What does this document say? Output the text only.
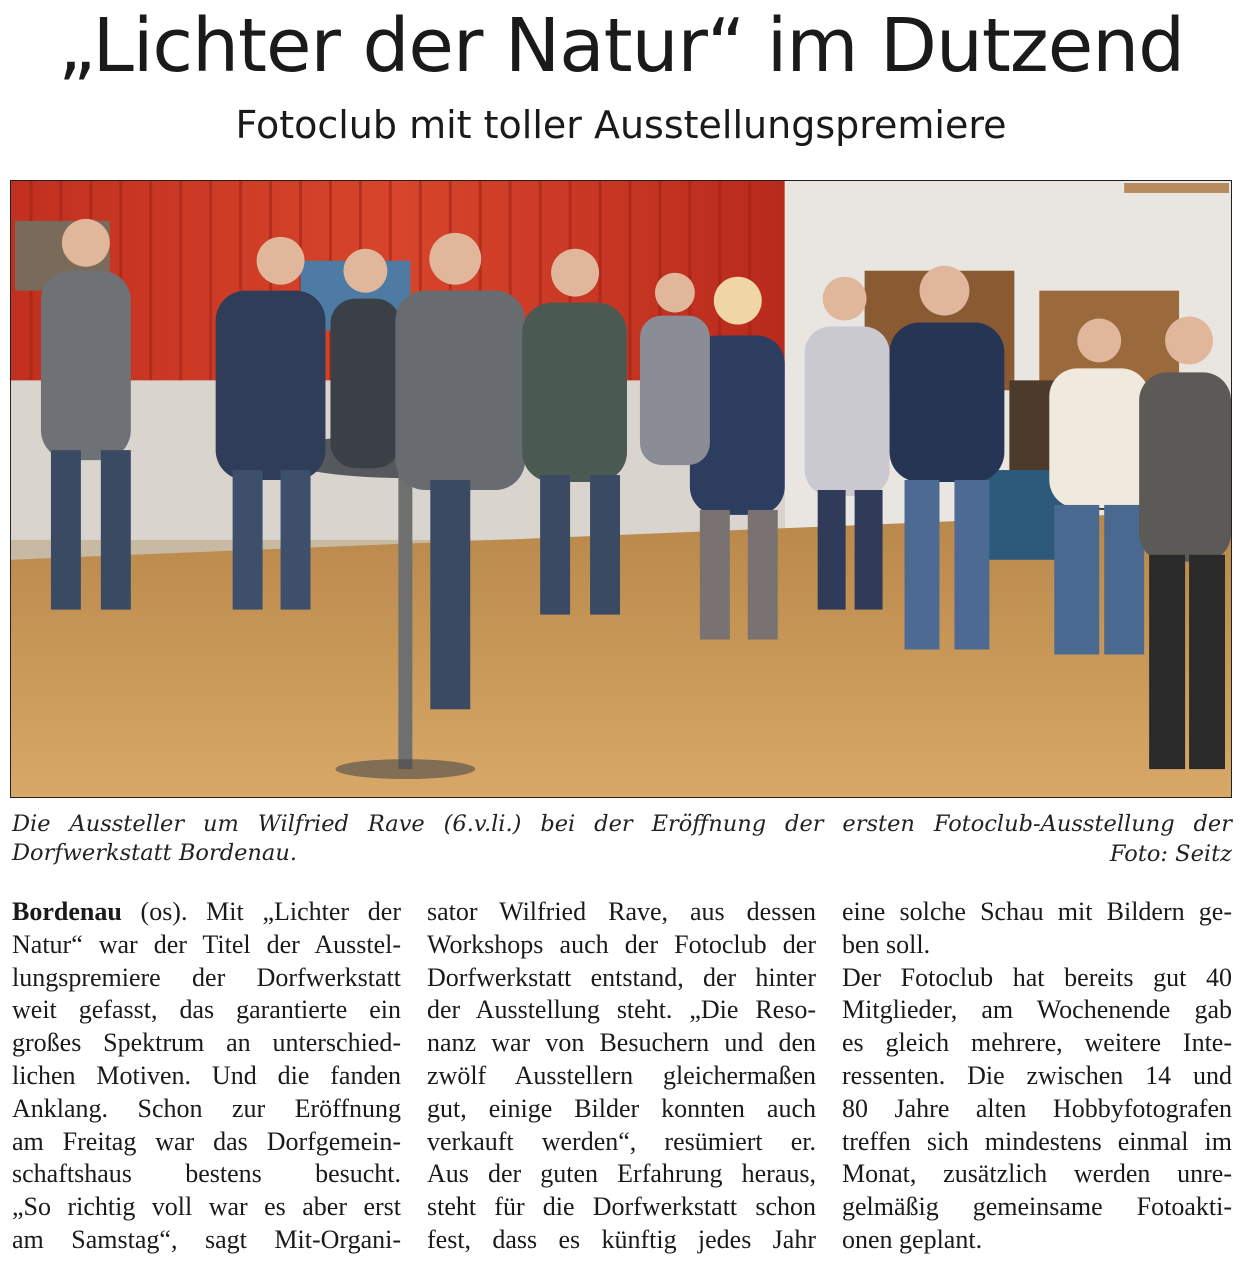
„Lichter der Natur“ im Dutzend
Fotoclub mit toller Ausstellungspremiere

Die Aussteller um Wilfried Rave (6.v.li.) bei der Eröffnung der ersten Fotoclub-Ausstellung der Dorfwerkstatt Bordenau.	Foto: Seitz
Bordenau (os). Mit „Lichter der
Natur“ war der Titel der Ausstel-
lungspremiere der Dorfwerkstatt
weit gefasst, das garantierte ein
großes Spektrum an unterschied-
lichen Motiven. Und die fanden
Anklang. Schon zur Eröffnung
am Freitag war das Dorfgemein-
schaftshaus bestens besucht.
„So richtig voll war es aber erst
am Samstag“, sagt Mit-Organi-
sator Wilfried Rave, aus dessen
Workshops auch der Fotoclub der
Dorfwerkstatt entstand, der hinter
der Ausstellung steht. „Die Reso-
nanz war von Besuchern und den
zwölf Ausstellern gleichermaßen
gut, einige Bilder konnten auch
verkauft werden“, resümiert er.
Aus der guten Erfahrung heraus,
steht für die Dorfwerkstatt schon
fest, dass es künftig jedes Jahr
eine solche Schau mit Bildern ge-
ben soll.
Der Fotoclub hat bereits gut 40
Mitglieder, am Wochenende gab
es gleich mehrere, weitere Inte-
ressenten. Die zwischen 14 und
80 Jahre alten Hobbyfotografen
treffen sich mindestens einmal im
Monat, zusätzlich werden unre-
gelmäßig gemeinsame Fotoakti-
onen geplant.
